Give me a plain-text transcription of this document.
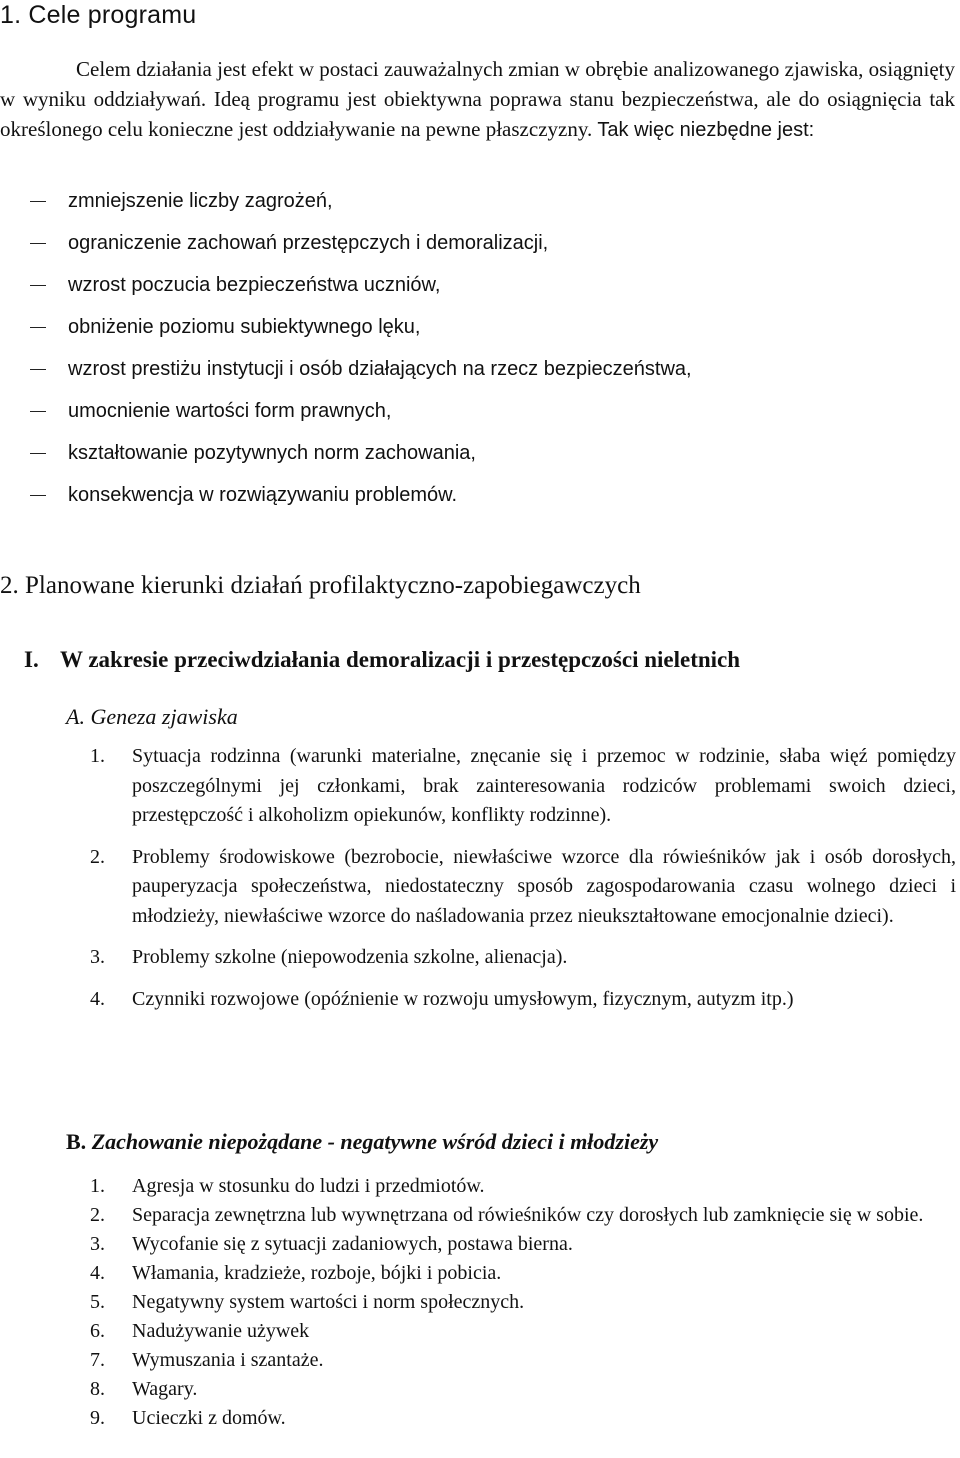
1. Cele programu

Celem działania jest efekt w postaci zauważalnych zmian w obrębie analizowanego zjawiska, osiągnięty w wyniku oddziaływań. Ideą programu jest obiektywna poprawa stanu bezpieczeństwa, ale do osiągnięcia tak określonego celu konieczne jest oddziaływanie na pewne płaszczyzny. Tak więc niezbędne jest:

zmniejszenie liczby zagrożeń,
ograniczenie zachowań przestępczych i demoralizacji,
wzrost poczucia bezpieczeństwa uczniów,
obniżenie poziomu subiektywnego lęku,
wzrost prestiżu instytucji i osób działających na rzecz bezpieczeństwa,
umocnienie wartości form prawnych,
kształtowanie pozytywnych norm zachowania,
konsekwencja w rozwiązywaniu problemów.
2. Planowane kierunki działań profilaktyczno-zapobiegawczych
I. W zakresie przeciwdziałania demoralizacji i przestępczości nieletnich
A. Geneza zjawiska
1. Sytuacja rodzinna (warunki materialne, znęcanie się i przemoc w rodzinie, słaba więź pomiędzy poszczególnymi jej członkami, brak zainteresowania rodziców problemami swoich dzieci, przestępczość i alkoholizm opiekunów, konflikty rodzinne).
2. Problemy środowiskowe (bezrobocie, niewłaściwe wzorce dla rówieśników jak i osób dorosłych, pauperyzacja społeczeństwa, niedostateczny sposób zagospodarowania czasu wolnego dzieci i młodzieży, niewłaściwe wzorce do naśladowania przez nieukształtowane emocjonalnie dzieci).
3. Problemy szkolne (niepowodzenia szkolne, alienacja).
4. Czynniki rozwojowe (opóźnienie w rozwoju umysłowym, fizycznym, autyzm itp.)
B. Zachowanie niepożądane - negatywne wśród dzieci i młodzieży
1. Agresja w stosunku do ludzi i przedmiotów.
2. Separacja zewnętrzna lub wywnętrzana od rówieśników czy dorosłych lub zamknięcie się w sobie.
3. Wycofanie się z sytuacji zadaniowych, postawa bierna.
4. Włamania, kradzieże, rozboje, bójki i pobicia.
5. Negatywny system wartości i norm społecznych.
6. Nadużywanie używek
7. Wymuszania i szantaże.
8. Wagary.
9. Ucieczki z domów.
